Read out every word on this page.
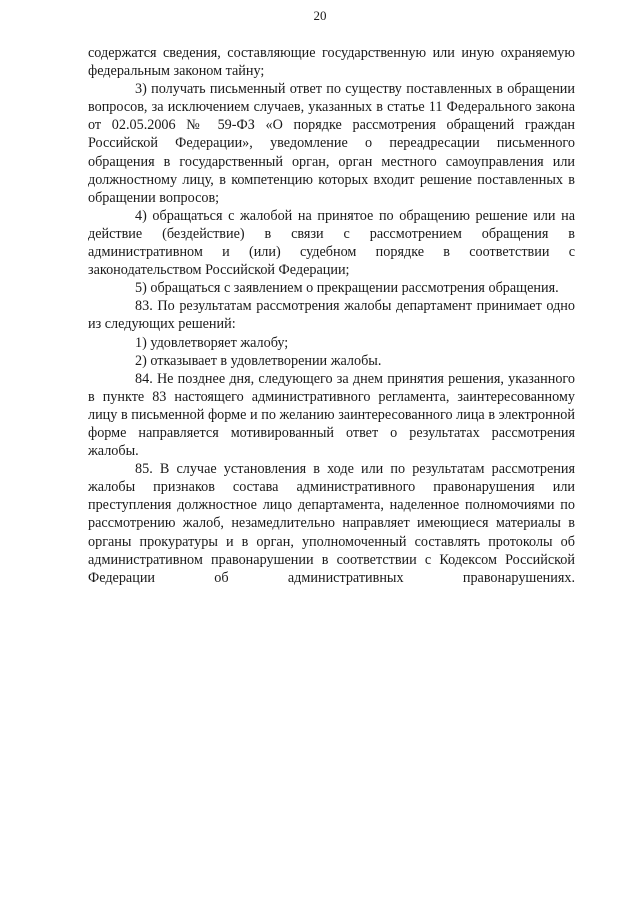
20

содержатся сведения, составляющие государственную или иную охраняемую федеральным законом тайну;

3) получать письменный ответ по существу поставленных в обращении вопросов, за исключением случаев, указанных в статье 11 Федерального закона от 02.05.2006 № 59-ФЗ «О порядке рассмотрения обращений граждан Российской Федерации», уведомление о переадресации письменного обращения в государственный орган, орган местного самоуправления или должностному лицу, в компетенцию которых входит решение поставленных в обращении вопросов;

4) обращаться с жалобой на принятое по обращению решение или на действие (бездействие) в связи с рассмотрением обращения в административном и (или) судебном порядке в соответствии с законодательством Российской Федерации;

5) обращаться с заявлением о прекращении рассмотрения обращения.

83. По результатам рассмотрения жалобы департамент принимает одно из следующих решений:

1) удовлетворяет жалобу;

2) отказывает в удовлетворении жалобы.

84. Не позднее дня, следующего за днем принятия решения, указанного в пункте 83 настоящего административного регламента, заинтересованному лицу в письменной форме и по желанию заинтересованного лица в электронной форме направляется мотивированный ответ о результатах рассмотрения жалобы.

85. В случае установления в ходе или по результатам рассмотрения жалобы признаков состава административного правонарушения или преступления должностное лицо департамента, наделенное полномочиями по рассмотрению жалоб, незамедлительно направляет имеющиеся материалы в органы прокуратуры и в орган, уполномоченный составлять протоколы об административном правонарушении в соответствии с Кодексом Российской Федерации об административных правонарушениях.
